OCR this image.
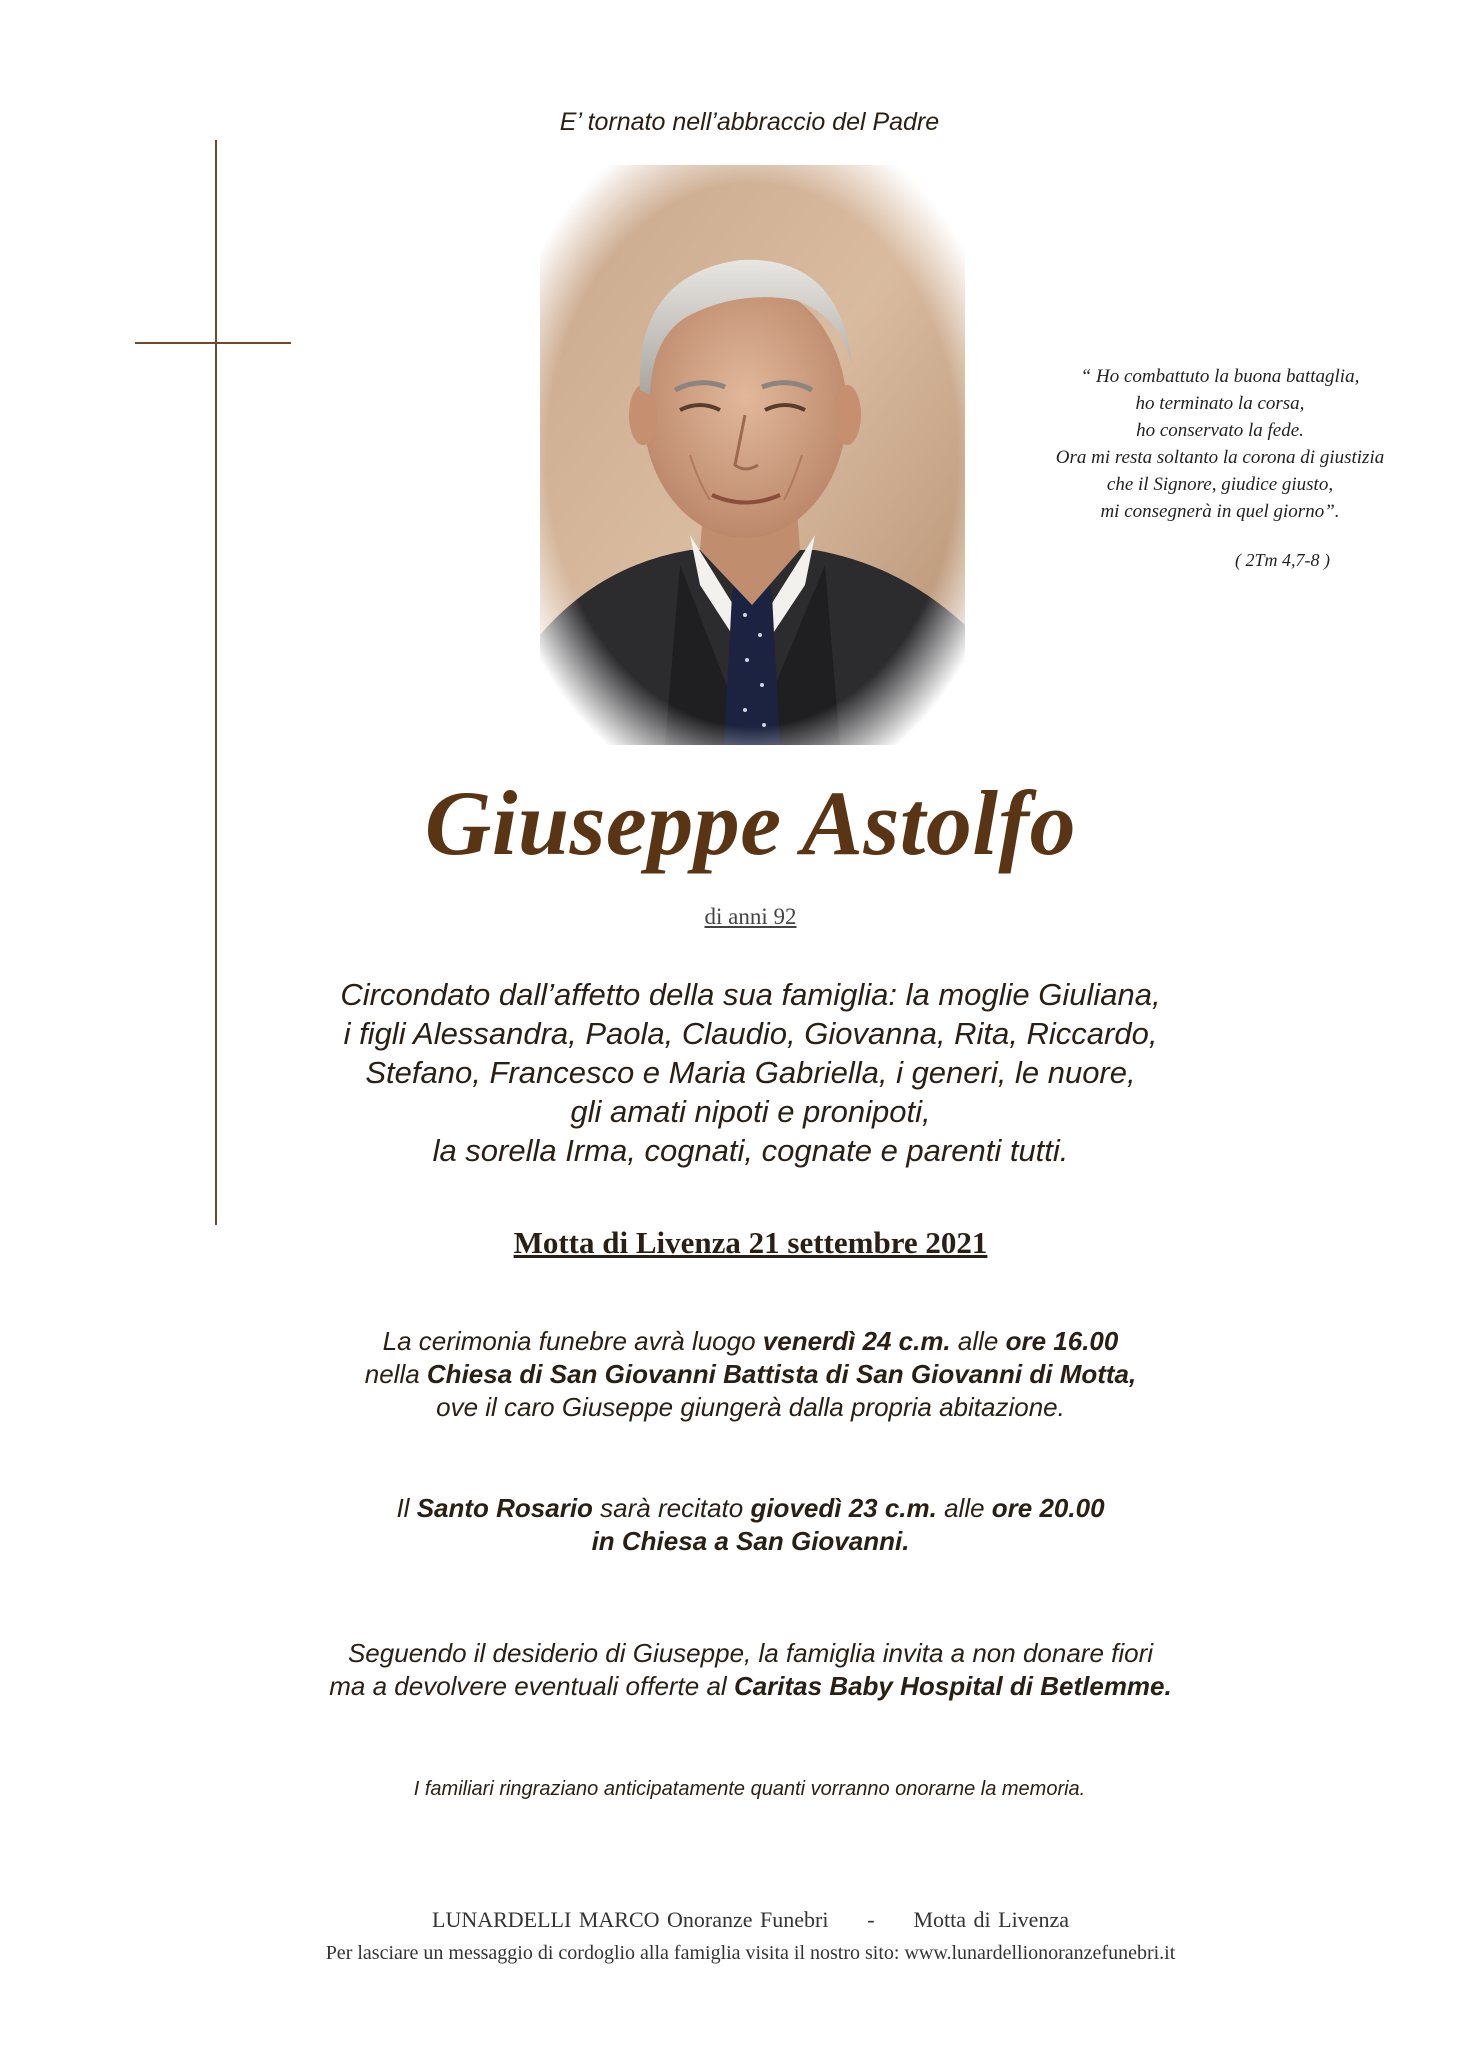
E’ tornato nell’abbraccio del Padre
“ Ho combattuto la buona battaglia,
ho terminato la corsa,
ho conservato la fede.
Ora mi resta soltanto la corona di giustizia
che il Signore, giudice giusto,
mi consegnerà in quel giorno”.
( 2Tm 4,7-8 )
Giuseppe Astolfo
di anni 92
Circondato dall’affetto della sua famiglia: la moglie Giuliana,
i figli Alessandra, Paola, Claudio, Giovanna, Rita, Riccardo,
Stefano, Francesco e Maria Gabriella, i generi, le nuore,
gli amati nipoti e pronipoti,
la sorella Irma, cognati, cognate e parenti tutti.
Motta di Livenza 21 settembre 2021
La cerimonia funebre avrà luogo venerdì 24 c.m. alle ore 16.00
nella Chiesa di San Giovanni Battista di San Giovanni di Motta,
ove il caro Giuseppe giungerà dalla propria abitazione.
Il Santo Rosario sarà recitato giovedì 23 c.m. alle ore 20.00
in Chiesa a San Giovanni.
Seguendo il desiderio di Giuseppe, la famiglia invita a non donare fiori
ma a devolvere eventuali offerte al Caritas Baby Hospital di Betlemme.
I familiari ringraziano anticipatamente quanti vorranno onorarne la memoria.
LUNARDELLI MARCO Onoranze Funebri - Motta di Livenza
Per lasciare un messaggio di cordoglio alla famiglia visita il nostro sito: www.lunardellionoranzefunebri.it
